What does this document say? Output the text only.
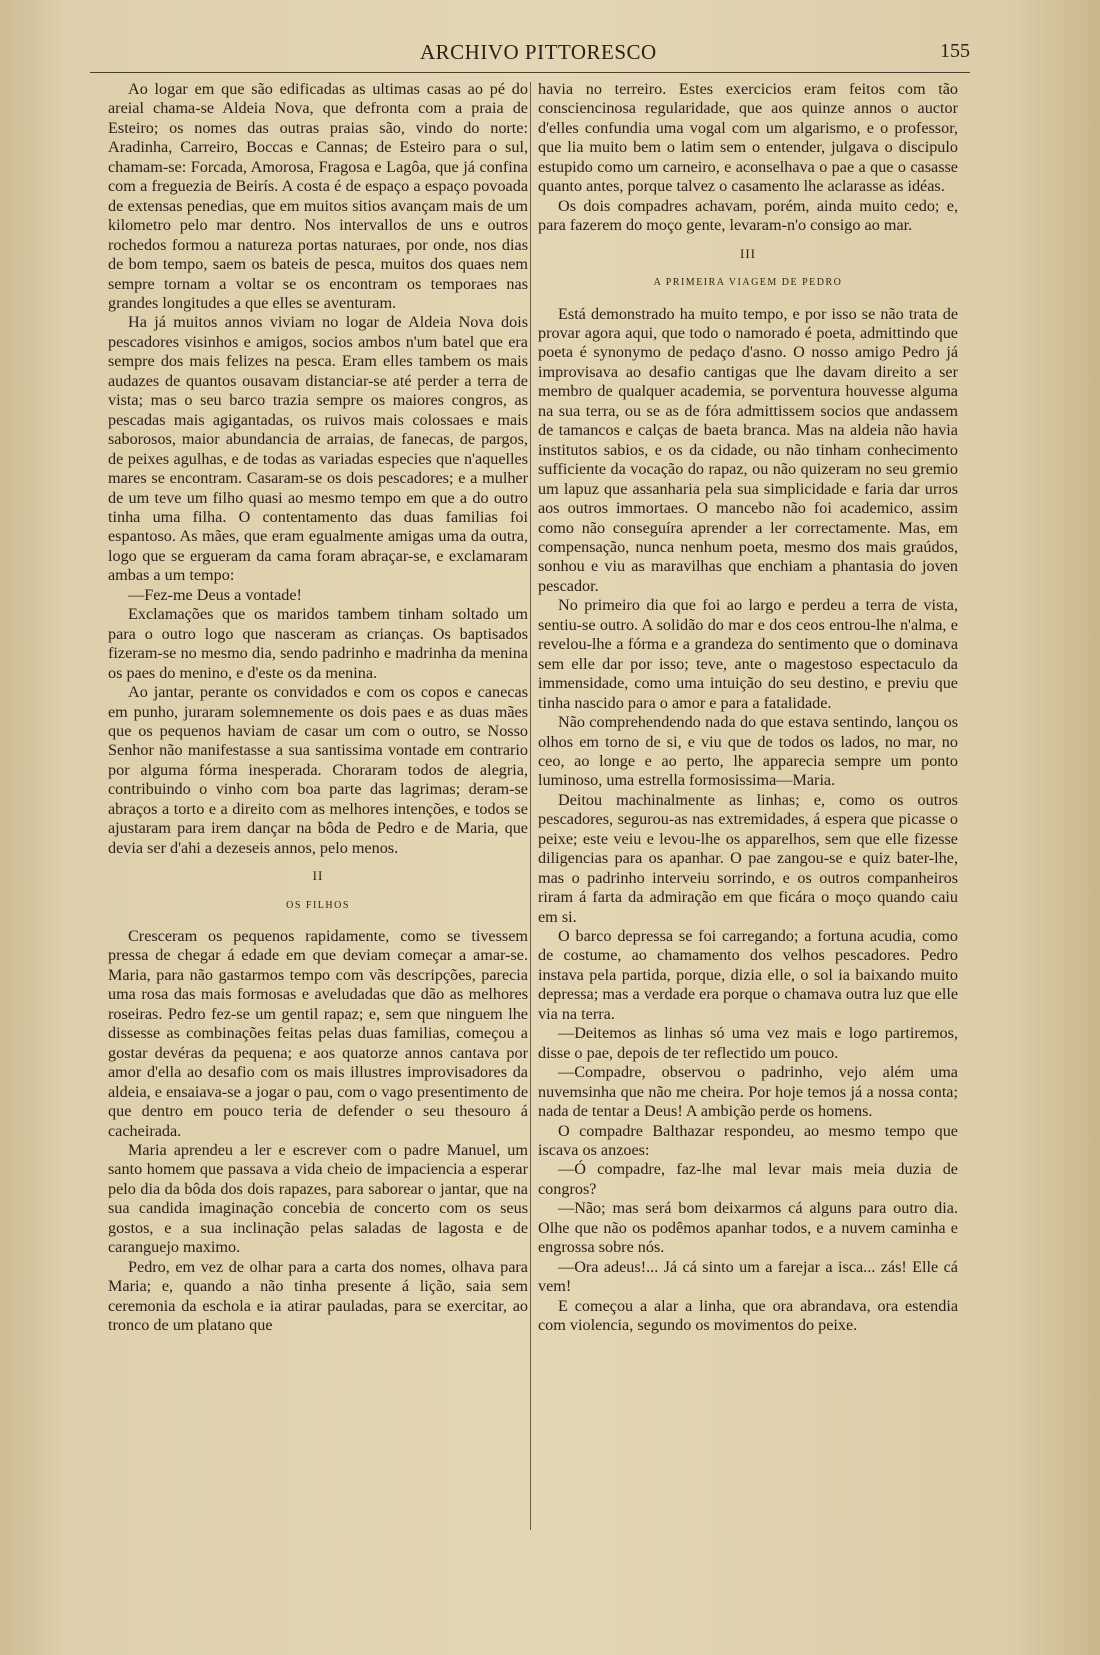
ARCHIVO PITTORESCO	155

Ao logar em que são edificadas as ultimas casas ao pé do areial chama-se Aldeia Nova, que defronta com a praia de Esteiro; os nomes das outras praias são, vindo do norte: Aradinha, Carreiro, Boccas e Cannas; de Esteiro para o sul, chamam-se: Forcada, Amorosa, Fragosa e Lagôa, que já confina com a freguezia de Beirís. A costa é de espaço a espaço povoada de extensas penedias, que em muitos sitios avançam mais de um kilometro pelo mar dentro. Nos intervallos de uns e outros rochedos formou a natureza portas naturaes, por onde, nos dias de bom tempo, saem os bateis de pesca, muitos dos quaes nem sempre tornam a voltar se os encontram os temporaes nas grandes longitudes a que elles se aventuram.

Ha já muitos annos viviam no logar de Aldeia Nova dois pescadores visinhos e amigos, socios ambos n'um batel que era sempre dos mais felizes na pesca. Eram elles tambem os mais audazes de quantos ousavam distanciar-se até perder a terra de vista; mas o seu barco trazia sempre os maiores congros, as pescadas mais agigantadas, os ruivos mais colossaes e mais saborosos, maior abundancia de arraias, de fanecas, de pargos, de peixes agulhas, e de todas as variadas especies que n'aquelles mares se encontram. Casaram-se os dois pescadores; e a mulher de um teve um filho quasi ao mesmo tempo em que a do outro tinha uma filha. O contentamento das duas familias foi espantoso. As mães, que eram egualmente amigas uma da outra, logo que se ergueram da cama foram abraçar-se, e exclamaram ambas a um tempo:

—Fez-me Deus a vontade!

Exclamações que os maridos tambem tinham soltado um para o outro logo que nasceram as crianças. Os baptisados fizeram-se no mesmo dia, sendo padrinho e madrinha da menina os paes do menino, e d'este os da menina.

Ao jantar, perante os convidados e com os copos e canecas em punho, juraram solemnemente os dois paes e as duas mães que os pequenos haviam de casar um com o outro, se Nosso Senhor não manifestasse a sua santissima vontade em contrario por alguma fórma inesperada. Choraram todos de alegria, contribuindo o vinho com boa parte das lagrimas; deram-se abraços a torto e a direito com as melhores intenções, e todos se ajustaram para irem dançar na bôda de Pedro e de Maria, que devia ser d'ahi a dezeseis annos, pelo menos.

II
OS FILHOS

Cresceram os pequenos rapidamente, como se tivessem pressa de chegar á edade em que deviam começar a amar-se. Maria, para não gastarmos tempo com vãs descripções, parecia uma rosa das mais formosas e aveludadas que dão as melhores roseiras. Pedro fez-se um gentil rapaz; e, sem que ninguem lhe dissesse as combinações feitas pelas duas familias, começou a gostar devéras da pequena; e aos quatorze annos cantava por amor d'ella ao desafio com os mais illustres improvisadores da aldeia, e ensaiava-se a jogar o pau, com o vago presentimento de que dentro em pouco teria de defender o seu thesouro á cacheirada.

Maria aprendeu a ler e escrever com o padre Manuel, um santo homem que passava a vida cheio de impaciencia a esperar pelo dia da bôda dos dois rapazes, para saborear o jantar, que na sua candida imaginação concebia de concerto com os seus gostos, e a sua inclinação pelas saladas de lagosta e de caranguejo maximo.

Pedro, em vez de olhar para a carta dos nomes, olhava para Maria; e, quando a não tinha presente á lição, saia sem ceremonia da eschola e ia atirar pauladas, para se exercitar, ao tronco de um platano que

havia no terreiro. Estes exercicios eram feitos com tão consciencinosa regularidade, que aos quinze annos o auctor d'elles confundia uma vogal com um algarismo, e o professor, que lia muito bem o latim sem o entender, julgava o discipulo estupido como um carneiro, e aconselhava o pae a que o casasse quanto antes, porque talvez o casamento lhe aclarasse as idéas.

Os dois compadres achavam, porém, ainda muito cedo; e, para fazerem do moço gente, levaram-n'o consigo ao mar.

III
A PRIMEIRA VIAGEM DE PEDRO

Está demonstrado ha muito tempo, e por isso se não trata de provar agora aqui, que todo o namorado é poeta, admittindo que poeta é synonymo de pedaço d'asno. O nosso amigo Pedro já improvisava ao desafio cantigas que lhe davam direito a ser membro de qualquer academia, se porventura houvesse alguma na sua terra, ou se as de fóra admittissem socios que andassem de tamancos e calças de baeta branca. Mas na aldeia não havia institutos sabios, e os da cidade, ou não tinham conhecimento sufficiente da vocação do rapaz, ou não quizeram no seu gremio um lapuz que assanharia pela sua simplicidade e faria dar urros aos outros immortaes. O mancebo não foi academico, assim como não conseguíra aprender a ler correctamente. Mas, em compensação, nunca nenhum poeta, mesmo dos mais graúdos, sonhou e viu as maravilhas que enchiam a phantasia do joven pescador.

No primeiro dia que foi ao largo e perdeu a terra de vista, sentiu-se outro. A solidão do mar e dos ceos entrou-lhe n'alma, e revelou-lhe a fórma e a grandeza do sentimento que o dominava sem elle dar por isso; teve, ante o magestoso espectaculo da immensidade, como uma intuição do seu destino, e previu que tinha nascido para o amor e para a fatalidade.

Não comprehendendo nada do que estava sentindo, lançou os olhos em torno de si, e viu que de todos os lados, no mar, no ceo, ao longe e ao perto, lhe apparecia sempre um ponto luminoso, uma estrella formosissima—Maria.

Deitou machinalmente as linhas; e, como os outros pescadores, segurou-as nas extremidades, á espera que picasse o peixe; este veiu e levou-lhe os apparelhos, sem que elle fizesse diligencias para os apanhar. O pae zangou-se e quiz bater-lhe, mas o padrinho interveiu sorrindo, e os outros companheiros riram á farta da admiração em que ficára o moço quando caiu em si.

O barco depressa se foi carregando; a fortuna acudia, como de costume, ao chamamento dos velhos pescadores. Pedro instava pela partida, porque, dizia elle, o sol ia baixando muito depressa; mas a verdade era porque o chamava outra luz que elle via na terra.

—Deitemos as linhas só uma vez mais e logo partiremos, disse o pae, depois de ter reflectido um pouco.

—Compadre, observou o padrinho, vejo além uma nuvemsinha que não me cheira. Por hoje temos já a nossa conta; nada de tentar a Deus! A ambição perde os homens.

O compadre Balthazar respondeu, ao mesmo tempo que iscava os anzoes:

—Ó compadre, faz-lhe mal levar mais meia duzia de congros?

—Não; mas será bom deixarmos cá alguns para outro dia. Olhe que não os podêmos apanhar todos, e a nuvem caminha e engrossa sobre nós.

—Ora adeus!... Já cá sinto um a farejar a isca... zás! Elle cá vem!

E começou a alar a linha, que ora abrandava, ora estendia com violencia, segundo os movimentos do peixe.
